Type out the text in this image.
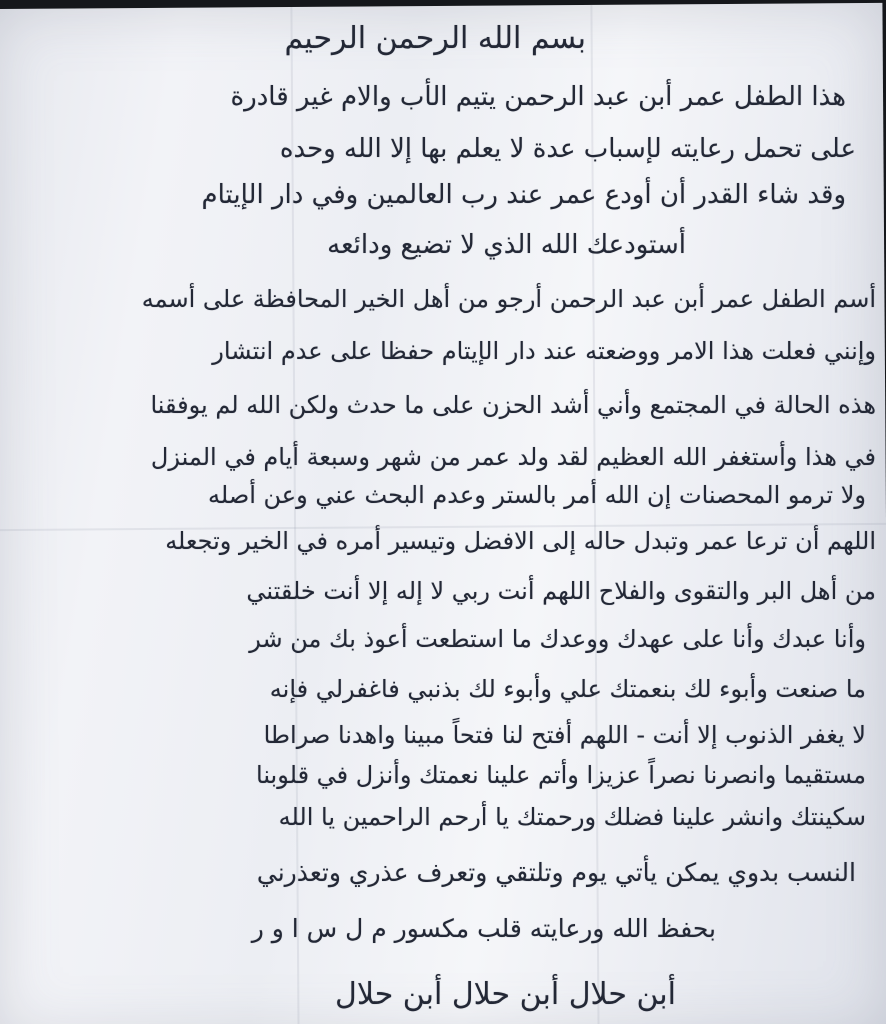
بسم الله الرحمن الرحيم
هذا الطفل عمر أبن عبد الرحمن يتيم الأب والام غير قادرة
على تحمل رعايته لإسباب عدة لا يعلم بها إلا الله وحده
وقد شاء القدر أن أودع عمر عند رب العالمين وفي دار الإيتام
أستودعك الله الذي لا تضيع ودائعه
أسم الطفل عمر أبن عبد الرحمن أرجو من أهل الخير المحافظة على أسمه
وإنني فعلت هذا الامر ووضعته عند دار الإيتام حفظا على عدم انتشار
هذه الحالة في المجتمع وأني أشد الحزن على ما حدث ولكن الله لم يوفقنا
في هذا وأستغفر الله العظيم لقد ولد عمر من شهر وسبعة أيام في المنزل
ولا ترمو المحصنات إن الله أمر بالستر وعدم البحث عني وعن أصله
اللهم أن ترعا عمر وتبدل حاله إلى الافضل وتيسير أمره في الخير وتجعله
من أهل البر والتقوى والفلاح اللهم أنت ربي لا إله إلا أنت خلقتني
وأنا عبدك وأنا على عهدك ووعدك ما استطعت أعوذ بك من شر
ما صنعت وأبوء لك بنعمتك علي وأبوء لك بذنبي فاغفرلي فإنه
لا يغفر الذنوب إلا أنت - اللهم أفتح لنا فتحاً مبينا واهدنا صراطا
مستقيما وانصرنا نصراً عزيزا وأتم علينا نعمتك وأنزل في قلوبنا
سكينتك وانشر علينا فضلك ورحمتك يا أرحم الراحمين يا الله
النسب بدوي يمكن يأتي يوم وتلتقي وتعرف عذري وتعذرني
بحفظ الله ورعايته قلب مكسور م ل س ا و ر
أبن حلال أبن حلال أبن حلال
